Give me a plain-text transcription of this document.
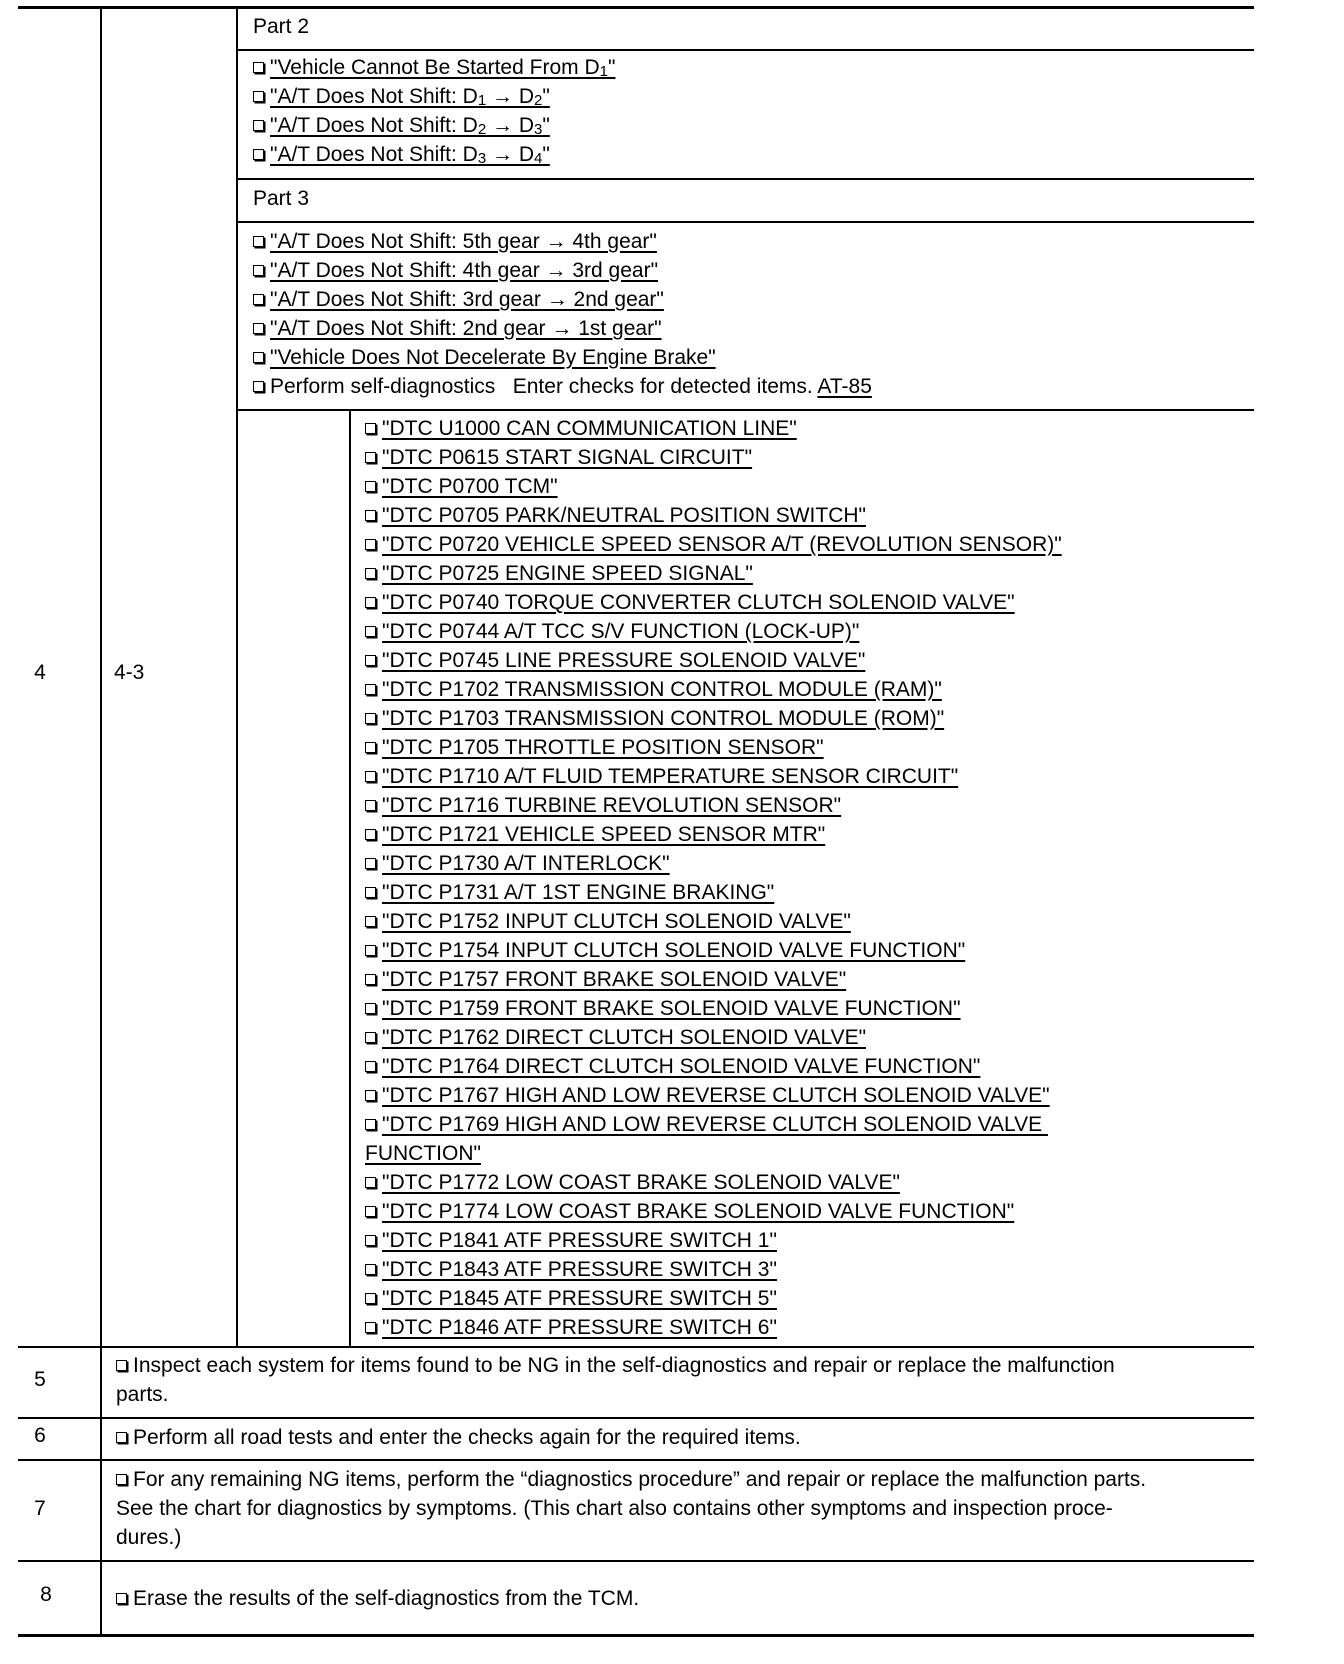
4	4-3
5
6
7
8
Part 2
"Vehicle Cannot Be Started From $D_1$"
"A/T Does Not Shift: $D_1 \to D_2$"
"A/T Does Not Shift: $D_2 \to D_3$"
"A/T Does Not Shift: $D_3 \to D_4$"
Part 3
"A/T Does Not Shift: 5th gear → 4th gear"
"A/T Does Not Shift: 4th gear → 3rd gear"
"A/T Does Not Shift: 3rd gear → 2nd gear"
"A/T Does Not Shift: 2nd gear → 1st gear"
"Vehicle Does Not Decelerate By Engine Brake"
Perform self-diagnostics   Enter checks for detected items. AT-85
"DTC U1000 CAN COMMUNICATION LINE"
"DTC P0615 START SIGNAL CIRCUIT"
"DTC P0700 TCM"
"DTC P0705 PARK/NEUTRAL POSITION SWITCH"
"DTC P0720 VEHICLE SPEED SENSOR A/T (REVOLUTION SENSOR)"
"DTC P0725 ENGINE SPEED SIGNAL"
"DTC P0740 TORQUE CONVERTER CLUTCH SOLENOID VALVE"
"DTC P0744 A/T TCC S/V FUNCTION (LOCK-UP)"
"DTC P0745 LINE PRESSURE SOLENOID VALVE"
"DTC P1702 TRANSMISSION CONTROL MODULE (RAM)"
"DTC P1703 TRANSMISSION CONTROL MODULE (ROM)"
"DTC P1705 THROTTLE POSITION SENSOR"
"DTC P1710 A/T FLUID TEMPERATURE SENSOR CIRCUIT"
"DTC P1716 TURBINE REVOLUTION SENSOR"
"DTC P1721 VEHICLE SPEED SENSOR MTR"
"DTC P1730 A/T INTERLOCK"
"DTC P1731 A/T 1ST ENGINE BRAKING"
"DTC P1752 INPUT CLUTCH SOLENOID VALVE"
"DTC P1754 INPUT CLUTCH SOLENOID VALVE FUNCTION"
"DTC P1757 FRONT BRAKE SOLENOID VALVE"
"DTC P1759 FRONT BRAKE SOLENOID VALVE FUNCTION"
"DTC P1762 DIRECT CLUTCH SOLENOID VALVE"
"DTC P1764 DIRECT CLUTCH SOLENOID VALVE FUNCTION"
"DTC P1767 HIGH AND LOW REVERSE CLUTCH SOLENOID VALVE"
"DTC P1769 HIGH AND LOW REVERSE CLUTCH SOLENOID VALVE
FUNCTION"
"DTC P1772 LOW COAST BRAKE SOLENOID VALVE"
"DTC P1774 LOW COAST BRAKE SOLENOID VALVE FUNCTION"
"DTC P1841 ATF PRESSURE SWITCH 1"
"DTC P1843 ATF PRESSURE SWITCH 3"
"DTC P1845 ATF PRESSURE SWITCH 5"
"DTC P1846 ATF PRESSURE SWITCH 6"
Inspect each system for items found to be NG in the self-diagnostics and repair or replace the malfunction
parts.
Perform all road tests and enter the checks again for the required items.
For any remaining NG items, perform the “diagnostics procedure” and repair or replace the malfunction parts.
See the chart for diagnostics by symptoms. (This chart also contains other symptoms and inspection proce-
dures.)
Erase the results of the self-diagnostics from the TCM.
